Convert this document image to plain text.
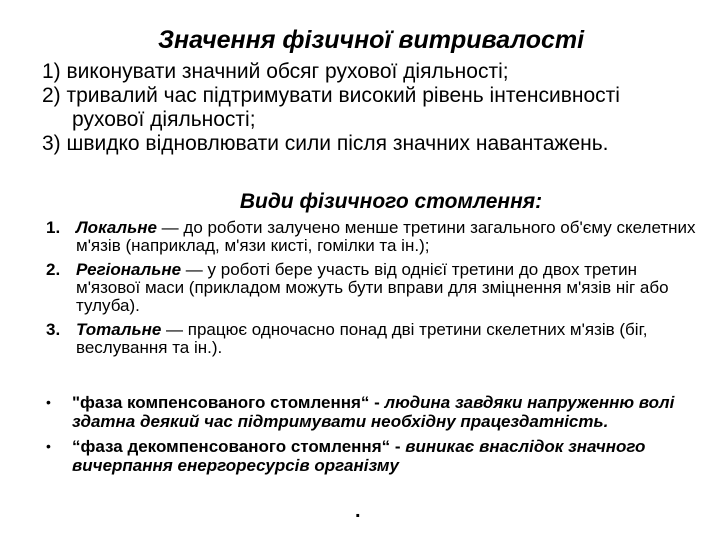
Значення фізичної витривалості

1) виконувати значний обсяг рухової діяльності;

2) тривалий час підтримувати високий рівень інтенсивності рухової діяльності;

3) швидко відновлювати сили після значних навантажень.

Види фізичного стомлення:
1. Локальне — до роботи залучено менше третини загального об'єму скелетних м'язів (наприклад, м'язи кисті, гомілки та ін.);
2. Регіональне — у роботі бере участь від однієї третини до двох третин м'язової маси (прикладом можуть бути вправи для зміцнення м'язів ніг або тулуба).
3. Тотальне — працює одночасно понад дві третини скелетних м'язів (біг, веслування та ін.).
•	"фаза компенсованого стомлення“ - людина завдяки напруженню волі здатна деякий час підтримувати необхідну працездатність.
•	“фаза декомпенсованого стомлення“ - виникає внаслідок значного вичерпання енергоресурсів організму
.
